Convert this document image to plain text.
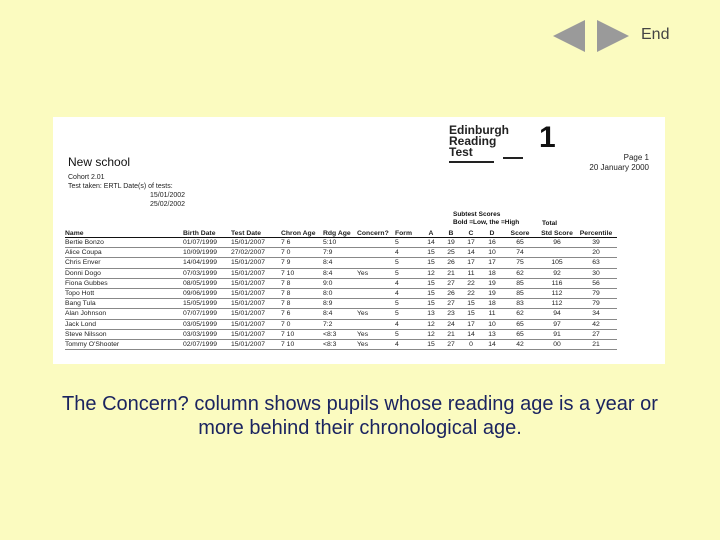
End
Edinburgh
Reading
Test	1
Page 1
20 January 2000
New school
Cohort 2.01
Test taken: ERTL Date(s) of tests:
15/01/2002
25/02/2002
Subtest Scores
Bold =Low, the =High	Total
Name	Birth Date	Test Date	Chron Age	Rdg Age	Concern?	Form	A	B	C	D	Score	Std Score	Percentile
Bertie Bonzo	01/07/1999	15/01/2007	7 6	5:10		5	14	19	17	16	65	96	39
Alice Coupa	10/09/1999	27/02/2007	7 0	7:9		4	15	25	14	10	74		20
Chris Enver	14/04/1999	15/01/2007	7 9	8:4		5	15	26	17	17	75	105	63
Donni Dogo	07/03/1999	15/01/2007	7 10	8:4	Yes	5	12	21	11	18	62	92	30
Fiona Gubbes	08/05/1999	15/01/2007	7 8	9:0		4	15	27	22	19	85	116	56
Topo Hott	09/06/1999	15/01/2007	7 8	8:0		4	15	26	22	19	85	112	79
Bang Tula	15/05/1999	15/01/2007	7 8	8:9		5	15	27	15	18	83	112	79
Alan Johnson	07/07/1999	15/01/2007	7 6	8:4	Yes	5	13	23	15	11	62	94	34
Jack Lond	03/05/1999	15/01/2007	7 0	7:2		4	12	24	17	10	65	97	42
Steve Nilsson	03/03/1999	15/01/2007	7 10	<8:3	Yes	5	12	21	14	13	65	91	27
Tommy O'Shooter	02/07/1999	15/01/2007	7 10	<8:3	Yes	4	15	27	0	14	42	00	21
The Concern? column shows pupils whose reading age is a year or more behind their chronological age.
